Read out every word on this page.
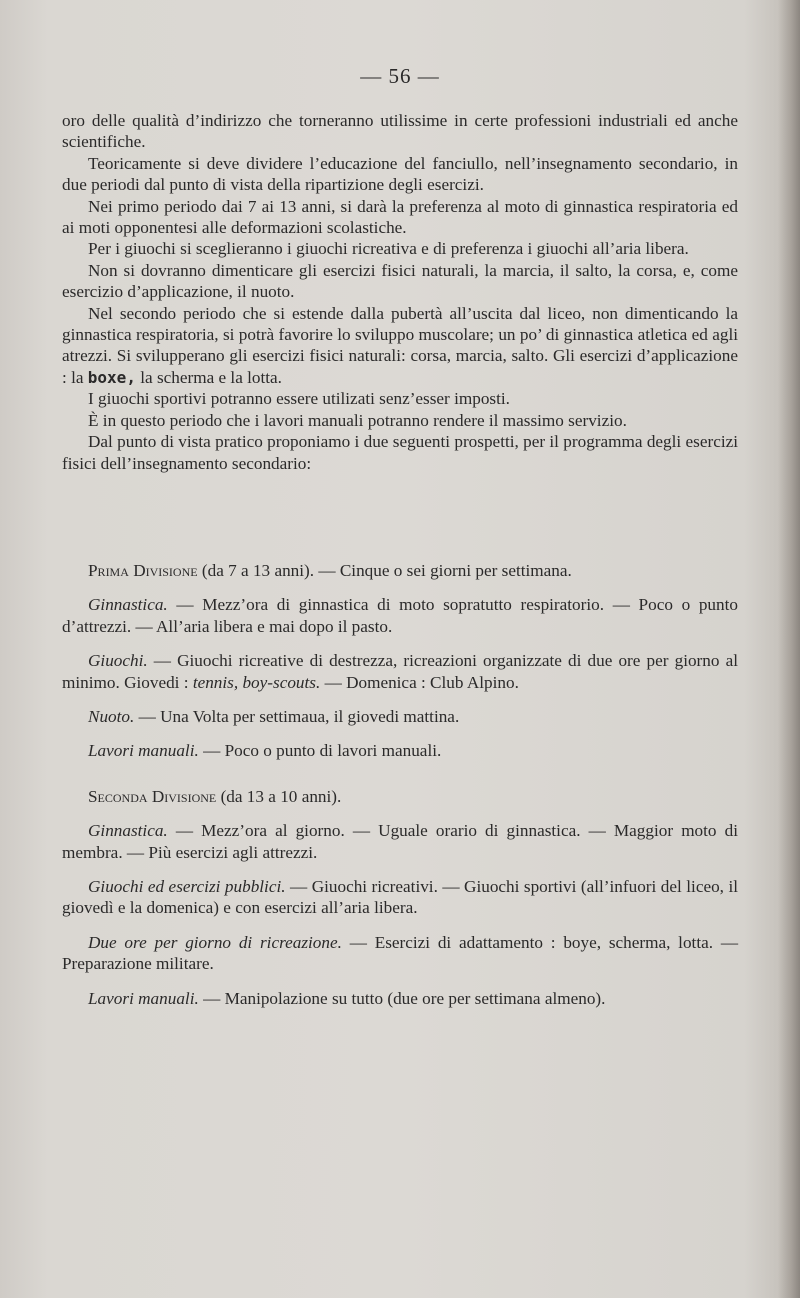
— 56 —

oro delle qualità d’indirizzo che torneranno utilissime in certe professioni industriali ed anche scientifiche.

Teoricamente si deve dividere l’educazione del fanciullo, nell’insegnamento secondario, in due periodi dal punto di vista della ripartizione degli esercizi.

Nei primo periodo dai 7 ai 13 anni, si darà la preferenza al moto di ginnastica respiratoria ed ai moti opponentesi alle deformazioni scolastiche.

Per i giuochi si sceglieranno i giuochi ricreativa e di preferenza i giuochi all’aria libera.

Non si dovranno dimenticare gli esercizi fisici naturali, la marcia, il salto, la corsa, e, come esercizio d’applicazione, il nuoto.

Nel secondo periodo che si estende dalla pubertà all’uscita dal liceo, non dimenticando la ginnastica respiratoria, si potrà favorire lo sviluppo muscolare; un po’ di ginnastica atletica ed agli atrezzi. Si svilupperano gli esercizi fisici naturali: corsa, marcia, salto. Gli esercizi d’applicazione : la boxe, la scherma e la lotta.

I giuochi sportivi potranno essere utilizati senz’esser imposti.

È in questo periodo che i lavori manuali potranno rendere il massimo servizio.

Dal punto di vista pratico proponiamo i due seguenti prospetti, per il programma degli esercizi fisici dell’insegnamento secondario:

Prima Divisione (da 7 a 13 anni). — Cinque o sei giorni per settimana.

Ginnastica. — Mezz’ora di ginnastica di moto sopratutto respiratorio. — Poco o punto d’attrezzi. — All’aria libera e mai dopo il pasto.

Giuochi. — Giuochi ricreative di destrezza, ricreazioni organizzate di due ore per giorno al minimo. Giovedi : tennis, boy-scouts. — Domenica : Club Alpino.

Nuoto. — Una Volta per settimaua, il giovedi mattina.

Lavori manuali. — Poco o punto di lavori manuali.

Seconda Divisione (da 13 a 10 anni).

Ginnastica. — Mezz’ora al giorno. — Uguale orario di ginnastica. — Maggior moto di membra. — Più esercizi agli attrezzi.

Giuochi ed esercizi pubblici. — Giuochi ricreativi. — Giuochi sportivi (all’infuori del liceo, il giovedì e la domenica) e con esercizi all’aria libera.

Due ore per giorno di ricreazione. — Esercizi di adattamento : boye, scherma, lotta. — Preparazione militare.

Lavori manuali. — Manipolazione su tutto (due ore per settimana almeno).
